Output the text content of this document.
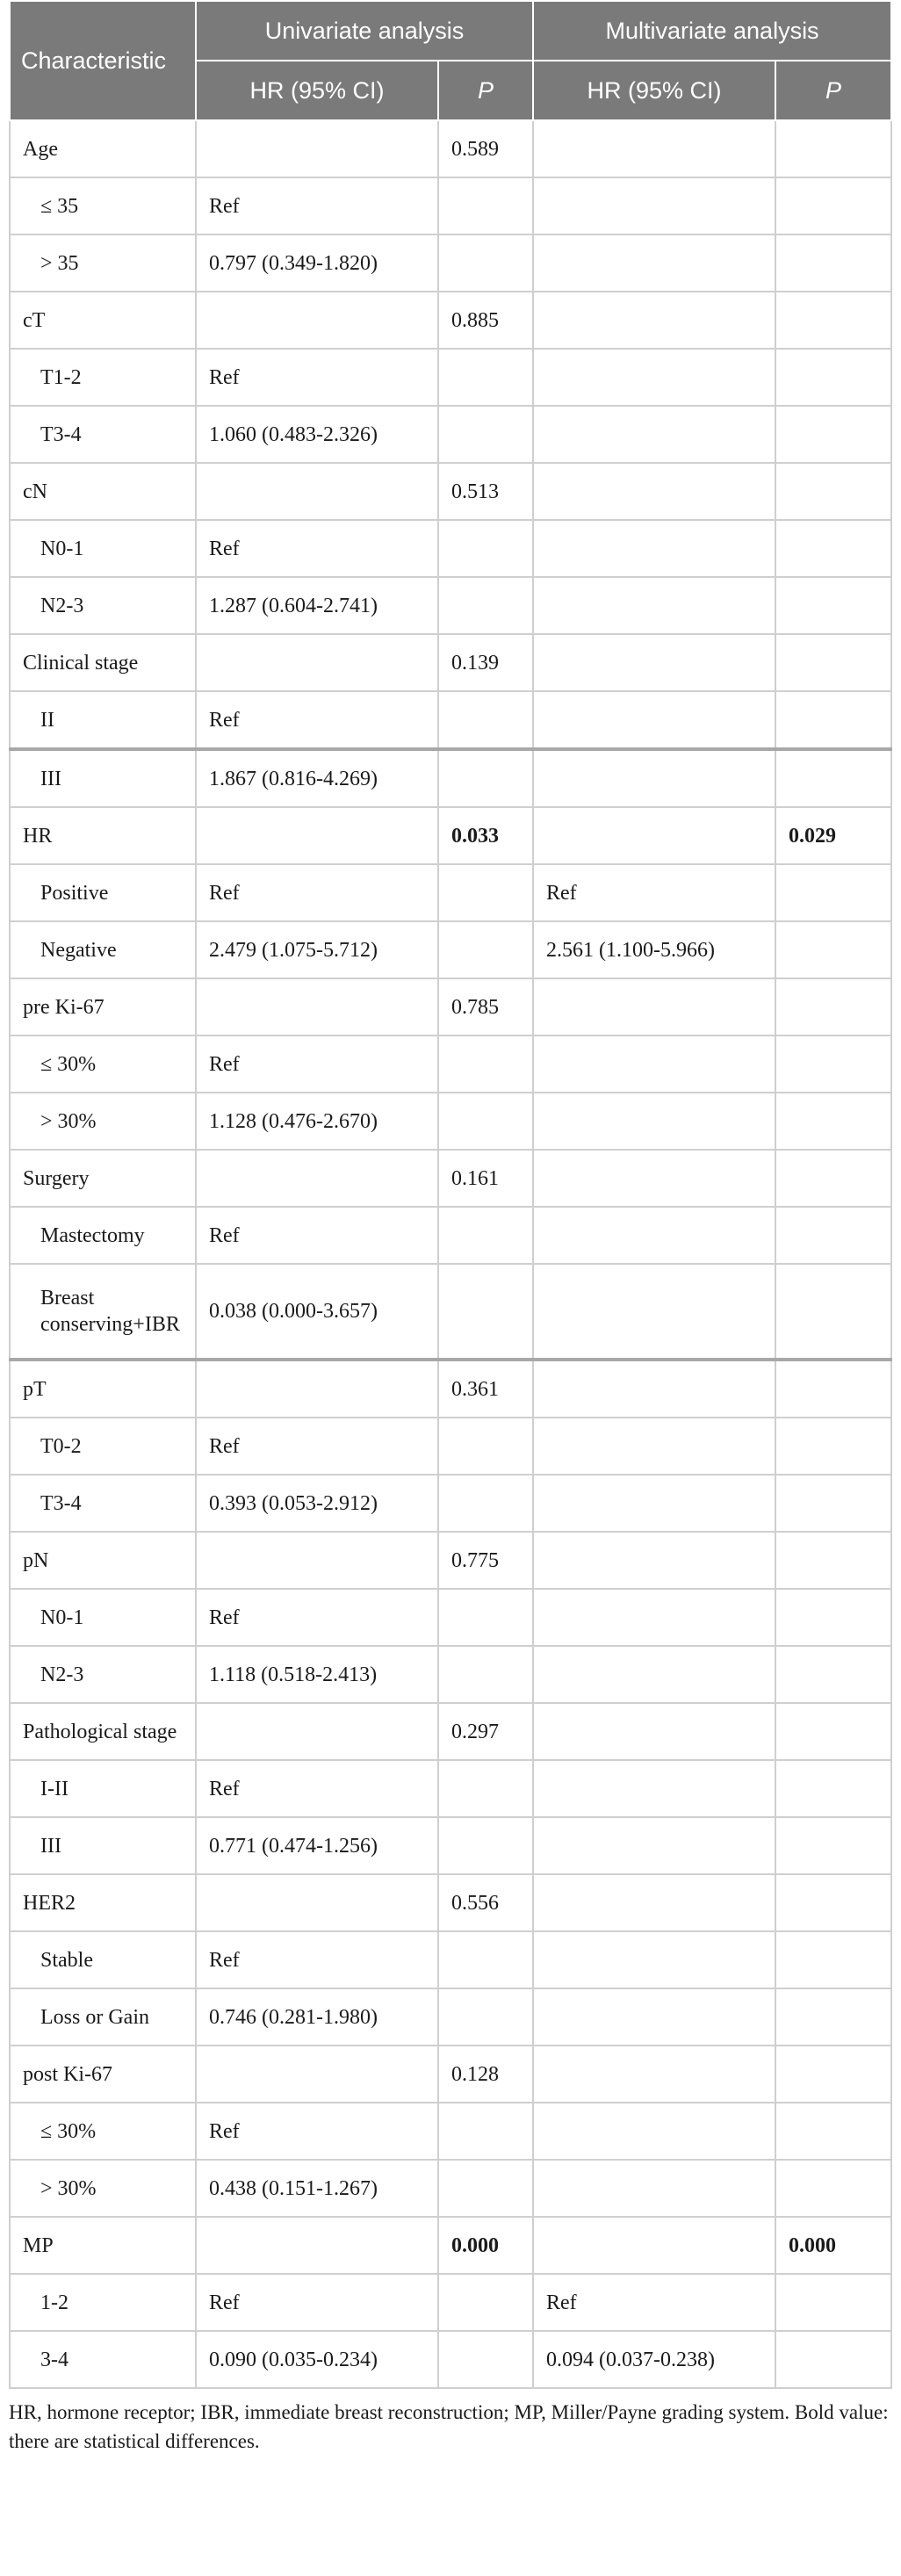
Characteristic	Univariate analysis		Multivariate analysis	
	HR (95% CI)	P	HR (95% CI)	P
Age		0.589		
≤ 35	Ref			
> 35	0.797 (0.349-1.820)			
cT		0.885		
T1-2	Ref			
T3-4	1.060 (0.483-2.326)			
cN		0.513		
N0-1	Ref			
N2-3	1.287 (0.604-2.741)			
Clinical stage		0.139		
II	Ref			
III	1.867 (0.816-4.269)			
HR		0.033		0.029
Positive	Ref		Ref	
Negative	2.479 (1.075-5.712)		2.561 (1.100-5.966)	
pre Ki-67		0.785		
≤ 30%	Ref			
> 30%	1.128 (0.476-2.670)			
Surgery		0.161		
Mastectomy	Ref			
Breast conserving+IBR	0.038 (0.000-3.657)			
pT		0.361		
T0-2	Ref			
T3-4	0.393 (0.053-2.912)			
pN		0.775		
N0-1	Ref			
N2-3	1.118 (0.518-2.413)			
Pathological stage		0.297		
I-II	Ref			
III	0.771 (0.474-1.256)			
HER2		0.556		
Stable	Ref			
Loss or Gain	0.746 (0.281-1.980)			
post Ki-67		0.128		
≤ 30%	Ref			
> 30%	0.438 (0.151-1.267)			
MP		0.000		0.000
1-2	Ref		Ref	
3-4	0.090 (0.035-0.234)		0.094 (0.037-0.238)	
HR, hormone receptor; IBR, immediate breast reconstruction; MP, Miller/Payne grading system. Bold value: there are statistical differences.
